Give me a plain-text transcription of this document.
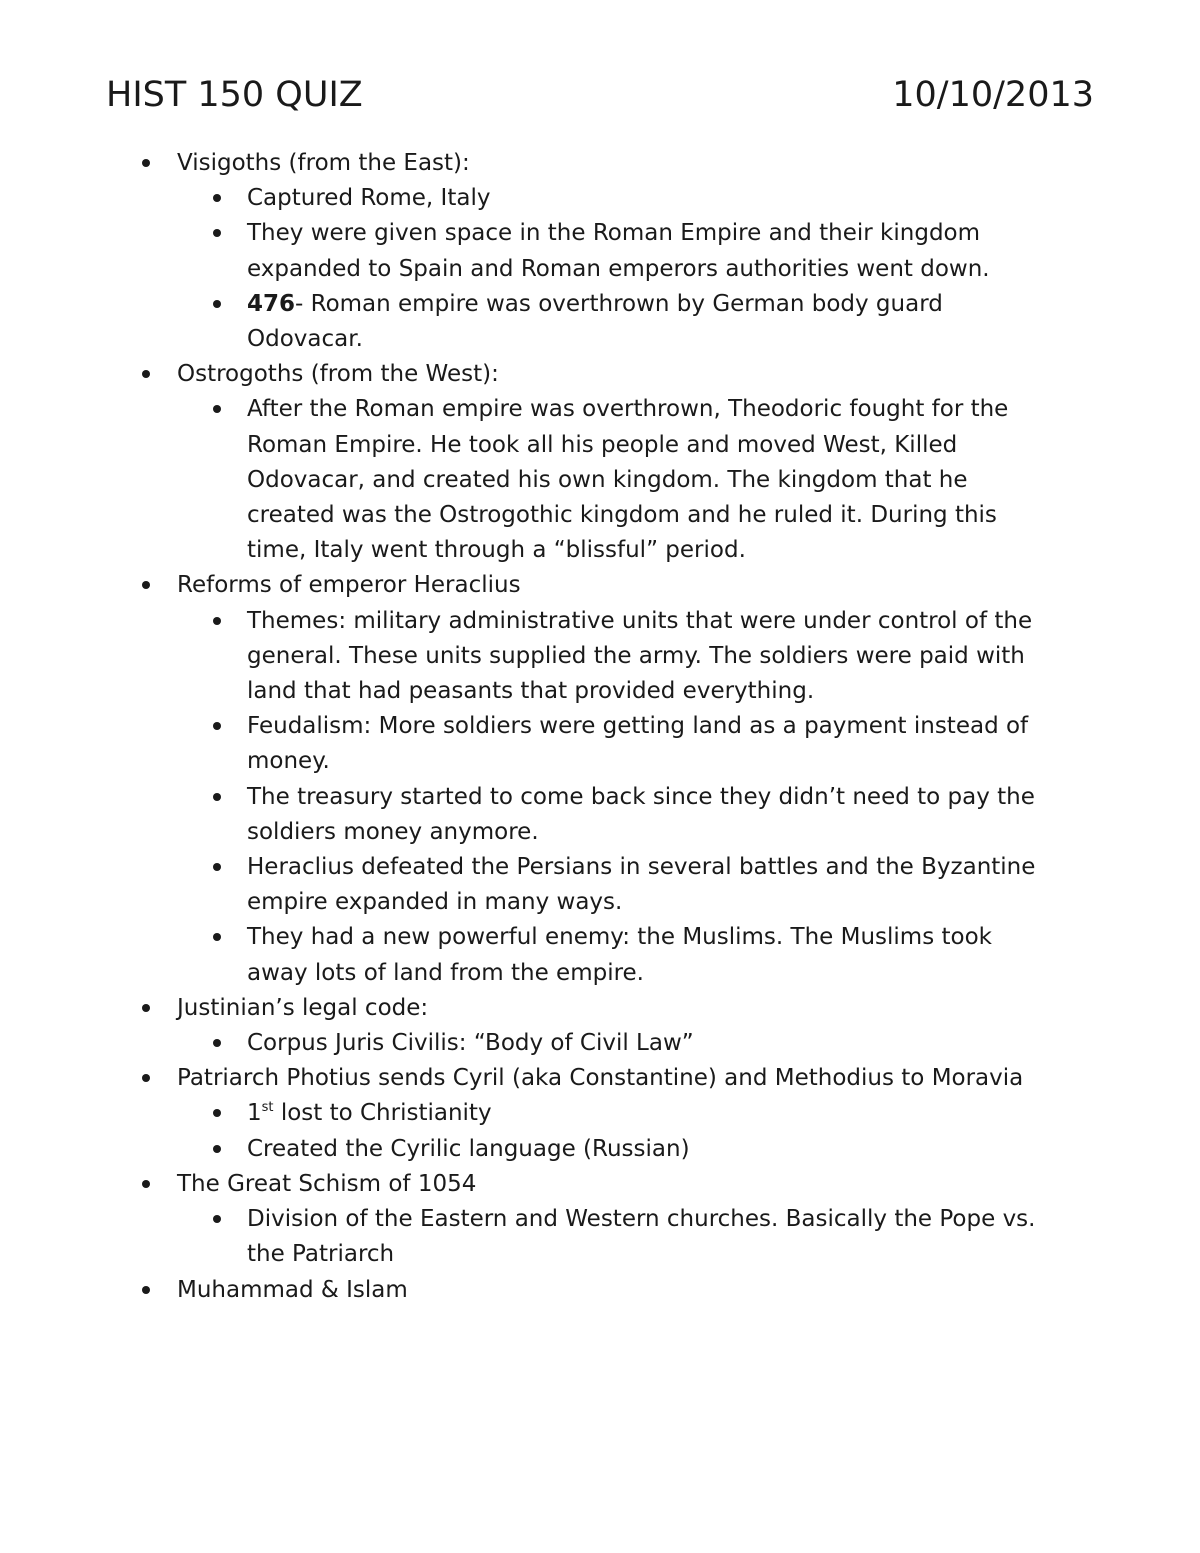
HIST 150 QUIZ	10/10/2013
Visigoths (from the East):
Captured Rome, Italy
They were given space in the Roman Empire and their kingdom expanded to Spain and Roman emperors authorities went down.
476- Roman empire was overthrown by German body guard Odovacar.
Ostrogoths (from the West):
After the Roman empire was overthrown, Theodoric fought for the Roman Empire. He took all his people and moved West, Killed Odovacar, and created his own kingdom. The kingdom that he created was the Ostrogothic kingdom and he ruled it. During this time, Italy went through a “blissful” period.
Reforms of emperor Heraclius
Themes: military administrative units that were under control of the general. These units supplied the army. The soldiers were paid with land that had peasants that provided everything.
Feudalism: More soldiers were getting land as a payment instead of money.
The treasury started to come back since they didn’t need to pay the soldiers money anymore.
Heraclius defeated the Persians in several battles and the Byzantine empire expanded in many ways.
They had a new powerful enemy: the Muslims. The Muslims took away lots of land from the empire.
Justinian’s legal code:
Corpus Juris Civilis: “Body of Civil Law”
Patriarch Photius sends Cyril (aka Constantine) and Methodius to Moravia
1st lost to Christianity
Created the Cyrilic language (Russian)
The Great Schism of 1054
Division of the Eastern and Western churches. Basically the Pope vs. the Patriarch
Muhammad & Islam
